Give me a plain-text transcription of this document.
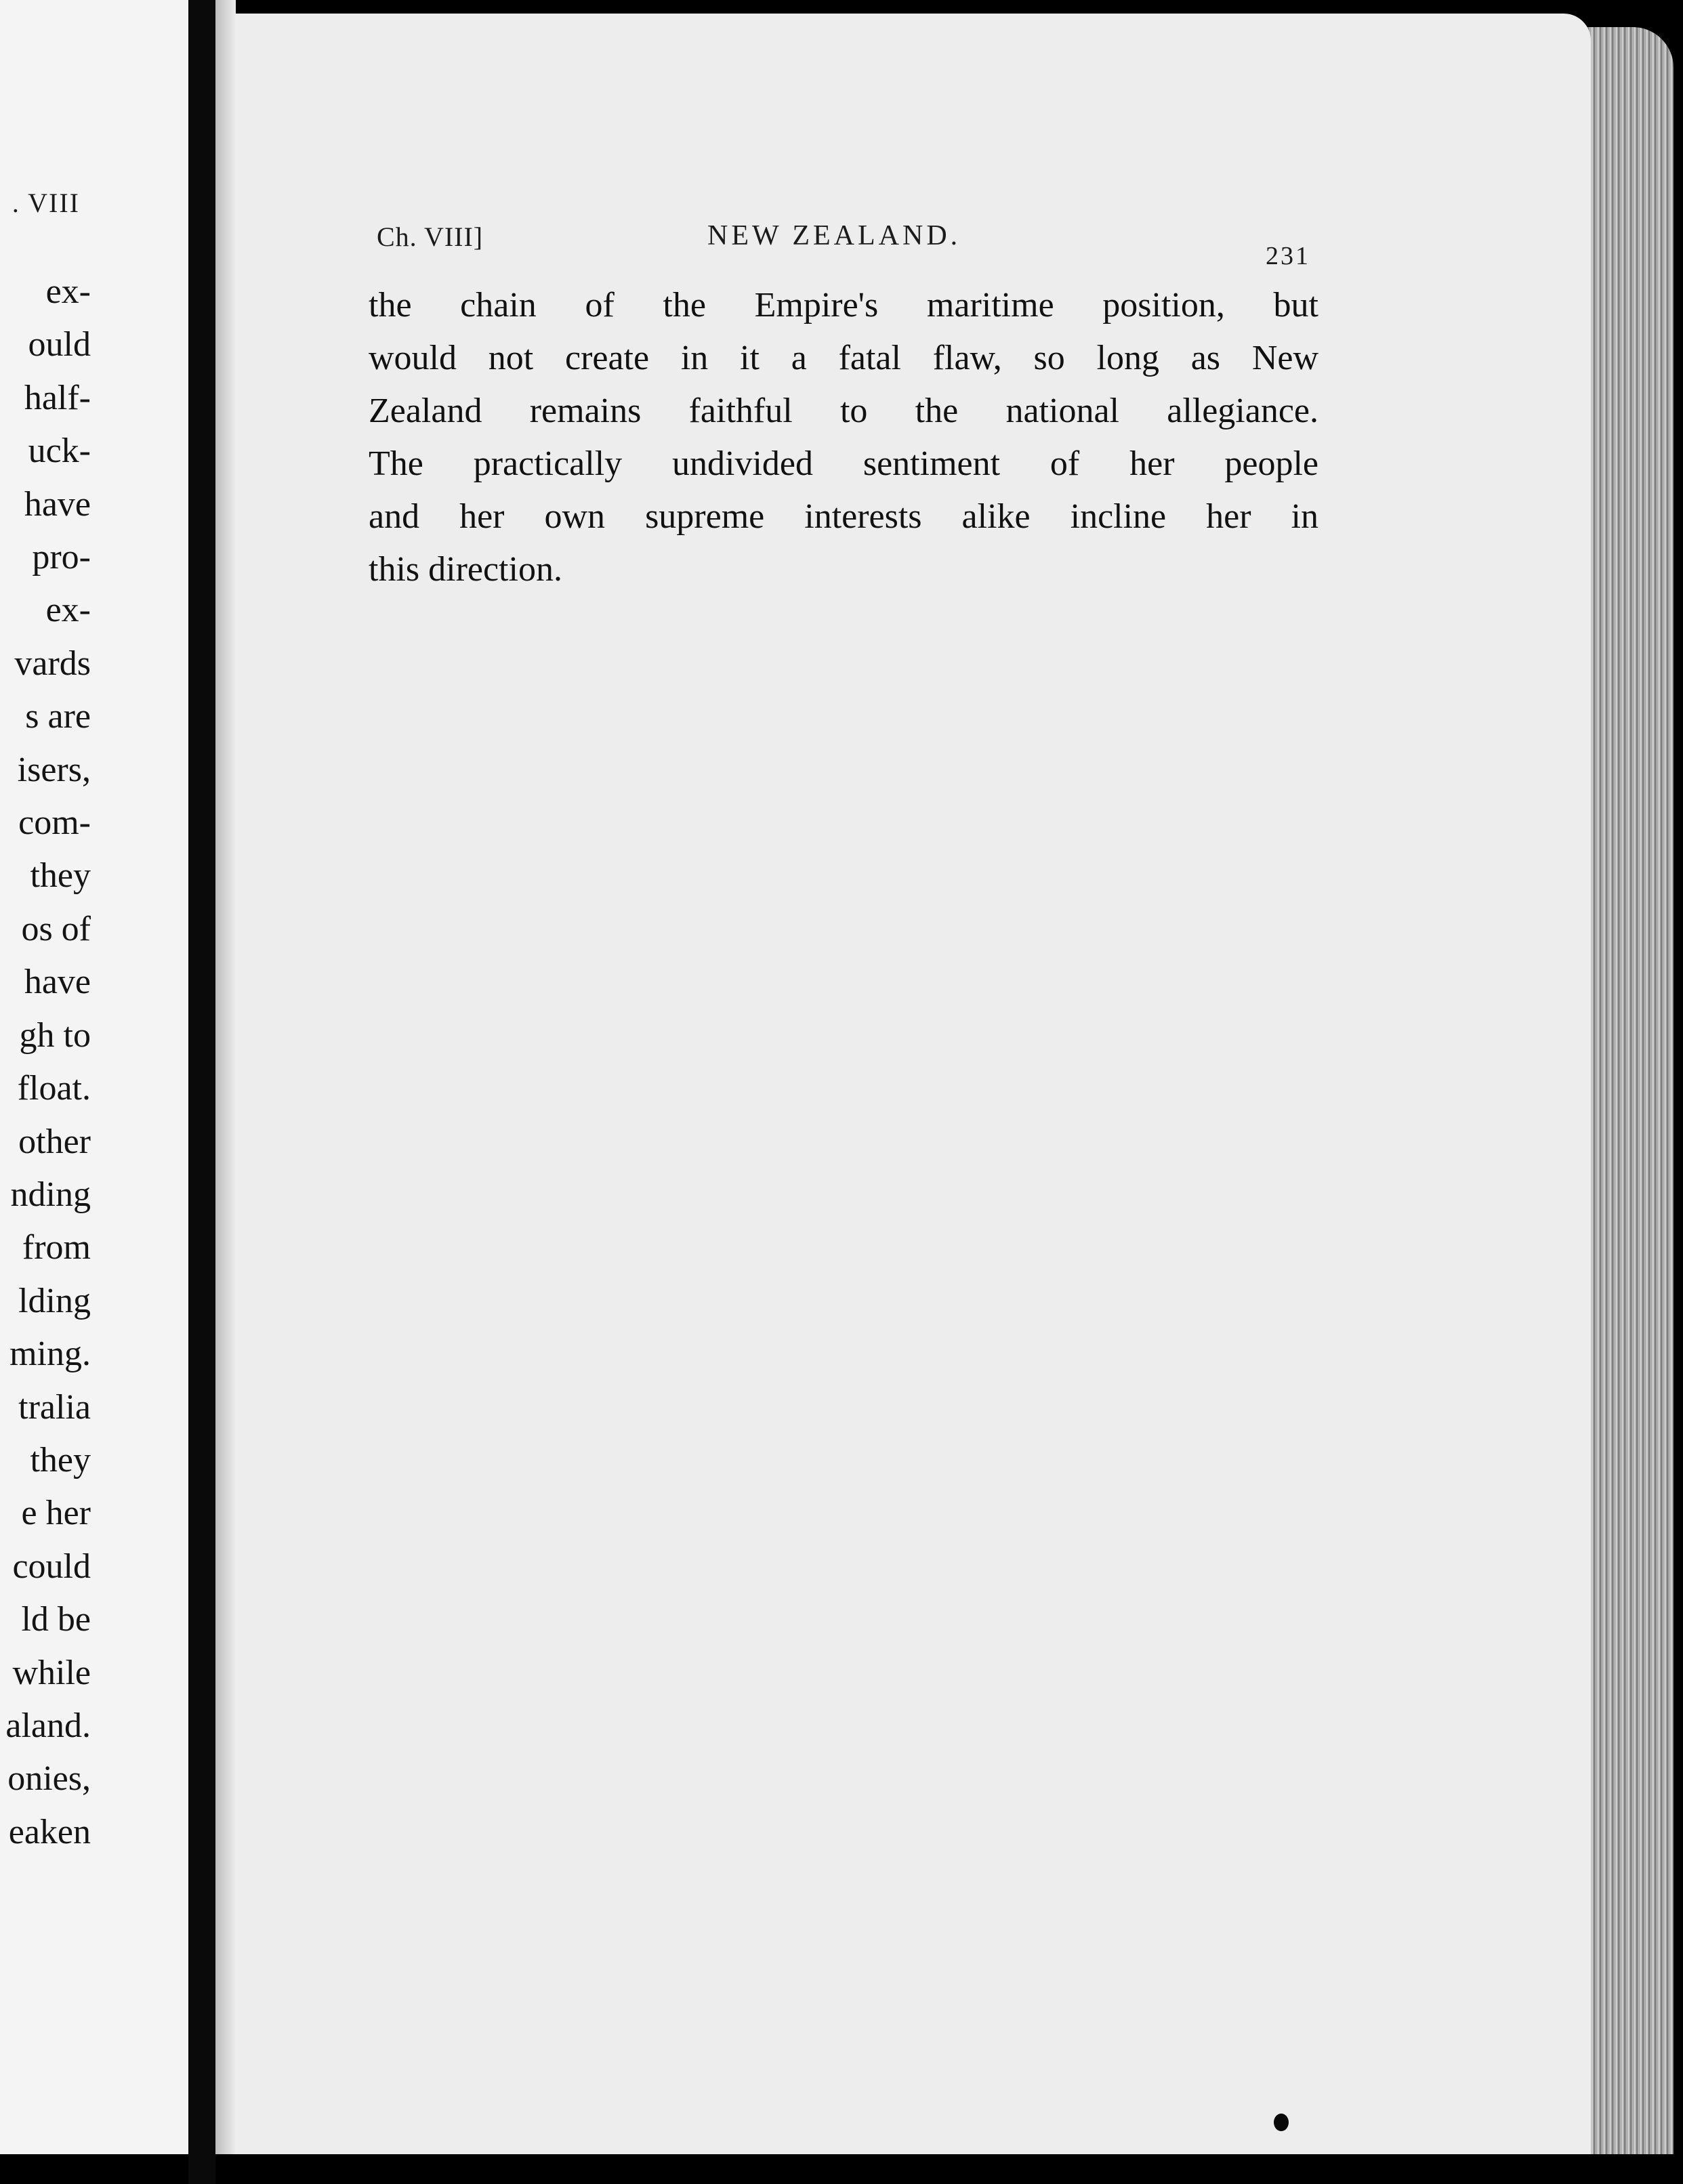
. VIII
ex-
ould
half-
uck-
have
pro-
ex-
vards
s are
isers,
com-
they
os of
have
gh to
float.
other
nding
from
lding
ming.
tralia
they
e her
could
ld be
while
aland.
onies,
eaken
Ch. VIII]	NEW ZEALAND.
231
the chain of the Empire's maritime position, but
would not create in it a fatal flaw, so long as New
Zealand remains faithful to the national allegiance.
The practically undivided sentiment of her people
and her own supreme interests alike incline her in
this direction.
